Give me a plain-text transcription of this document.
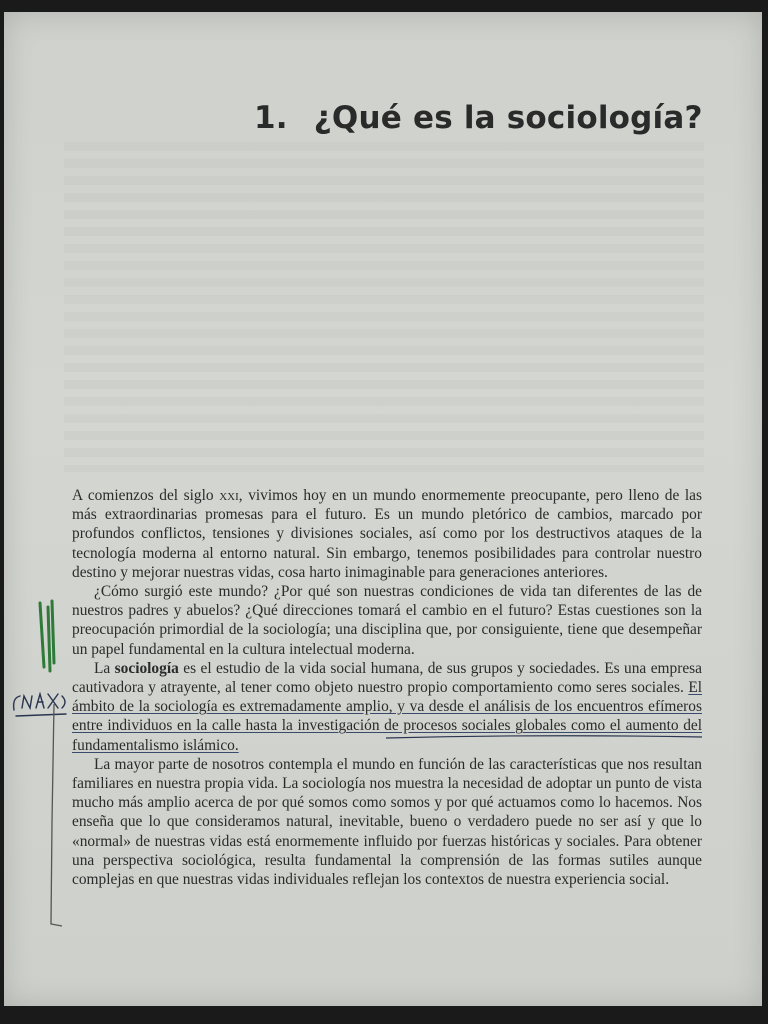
1. ¿Qué es la sociología?

A comienzos del siglo xxi, vivimos hoy en un mundo enormemente preocupante, pero lleno de las más extraordinarias promesas para el futuro. Es un mundo pletórico de cambios, marcado por profundos conflictos, tensiones y divisiones sociales, así como por los destructivos ataques de la tecnología moderna al entorno natural. Sin embargo, tenemos posibilidades para controlar nuestro destino y mejorar nuestras vidas, cosa harto inimaginable para generaciones anteriores.

¿Cómo surgió este mundo? ¿Por qué son nuestras condiciones de vida tan diferentes de las de nuestros padres y abuelos? ¿Qué direcciones tomará el cambio en el futuro? Estas cuestiones son la preocupación primordial de la sociología; una disciplina que, por consiguiente, tiene que desempeñar un papel fundamental en la cultura intelectual moderna.

La sociología es el estudio de la vida social humana, de sus grupos y sociedades. Es una empresa cautivadora y atrayente, al tener como objeto nuestro propio comportamiento como seres sociales. El ámbito de la sociología es extremadamente amplio, y va desde el análisis de los encuentros efímeros entre individuos en la calle hasta la investigación de procesos sociales globales como el aumento del fundamentalismo islámico.

La mayor parte de nosotros contempla el mundo en función de las características que nos resultan familiares en nuestra propia vida. La sociología nos muestra la necesidad de adoptar un punto de vista mucho más amplio acerca de por qué somos como somos y por qué actuamos como lo hacemos. Nos enseña que lo que consideramos natural, inevitable, bueno o verdadero puede no ser así y que lo «normal» de nuestras vidas está enormemente influido por fuerzas históricas y sociales. Para obtener una perspectiva sociológica, resulta fundamental la comprensión de las formas sutiles aunque complejas en que nuestras vidas individuales reflejan los contextos de nuestra experiencia social.
